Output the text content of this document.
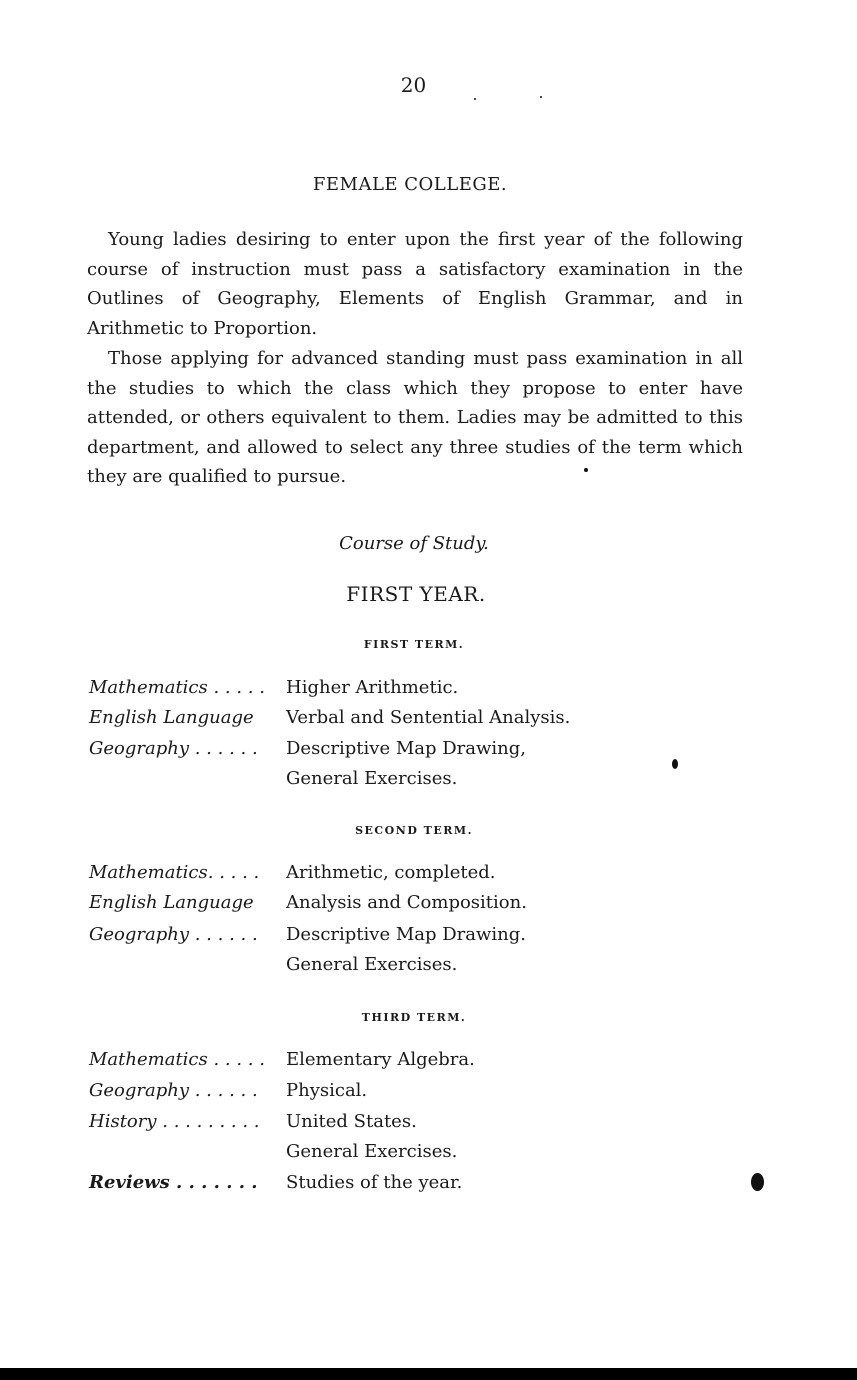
20
FEMALE COLLEGE.

Young ladies desiring to enter upon the first year of the following course of instruction must pass a satisfactory examination in the Outlines of Geography, Elements of English Grammar, and in Arithmetic to Proportion.

Those applying for advanced standing must pass examination in all the studies to which the class which they propose to enter have attended, or others equivalent to them. Ladies may be admitted to this department, and allowed to select any three studies of the term which they are qualified to pursue.

Course of Study.
FIRST YEAR.
FIRST TERM.
Mathematics . . . . . Higher Arithmetic.
English Language Verbal and Sentential Analysis.
Geography . . . . . . Descriptive Map Drawing,
General Exercises.
SECOND TERM.
Mathematics. . . . . Arithmetic, completed.
English Language Analysis and Composition.
Geography . . . . . . Descriptive Map Drawing.
General Exercises.
THIRD TERM.
Mathematics . . . . . Elementary Algebra.
Geography . . . . . . Physical.
History . . . . . . . . . United States.
General Exercises.
Reviews . . . . . . . Studies of the year.
